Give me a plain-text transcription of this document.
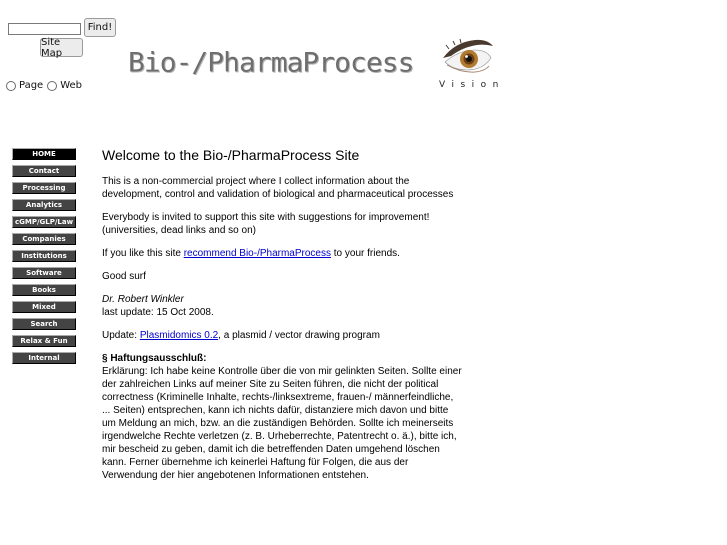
Find!
Site Map
Page Web
Bio-/PharmaProcess
Vision
HOME
Contact
Processing
Analytics
cGMP/GLP/Law
Companies
Institutions
Software
Books
Mixed
Search
Relax & Fun
Internal
Welcome to the Bio-/PharmaProcess Site

This is a non-commercial project where I collect information about the development, control and validation of biological and pharmaceutical processes

Everybody is invited to support this site with suggestions for improvement! (universities, dead links and so on)

If you like this site recommend Bio-/PharmaProcess to your friends.

Good surf

Dr. Robert Winkler

last update: 15 Oct 2008.

Update: Plasmidomics 0.2, a plasmid / vector drawing program

§ Haftungsausschluß:

Erklärung: Ich habe keine Kontrolle über die von mir gelinkten Seiten. Sollte einer der zahlreichen Links auf meiner Site zu Seiten führen, die nicht der political correctness (Kriminelle Inhalte, rechts-/linksextreme, frauen-/ männerfeindliche, ... Seiten) entsprechen, kann ich nichts dafür, distanziere mich davon und bitte um Meldung an mich, bzw. an die zuständigen Behörden. Sollte ich meinerseits irgendwelche Rechte verletzen (z. B. Urheberrechte, Patentrecht o. ä.), bitte ich, mir bescheid zu geben, damit ich die betreffenden Daten umgehend löschen kann. Ferner übernehme ich keinerlei Haftung für Folgen, die aus der Verwendung der hier angebotenen Informationen entstehen.
